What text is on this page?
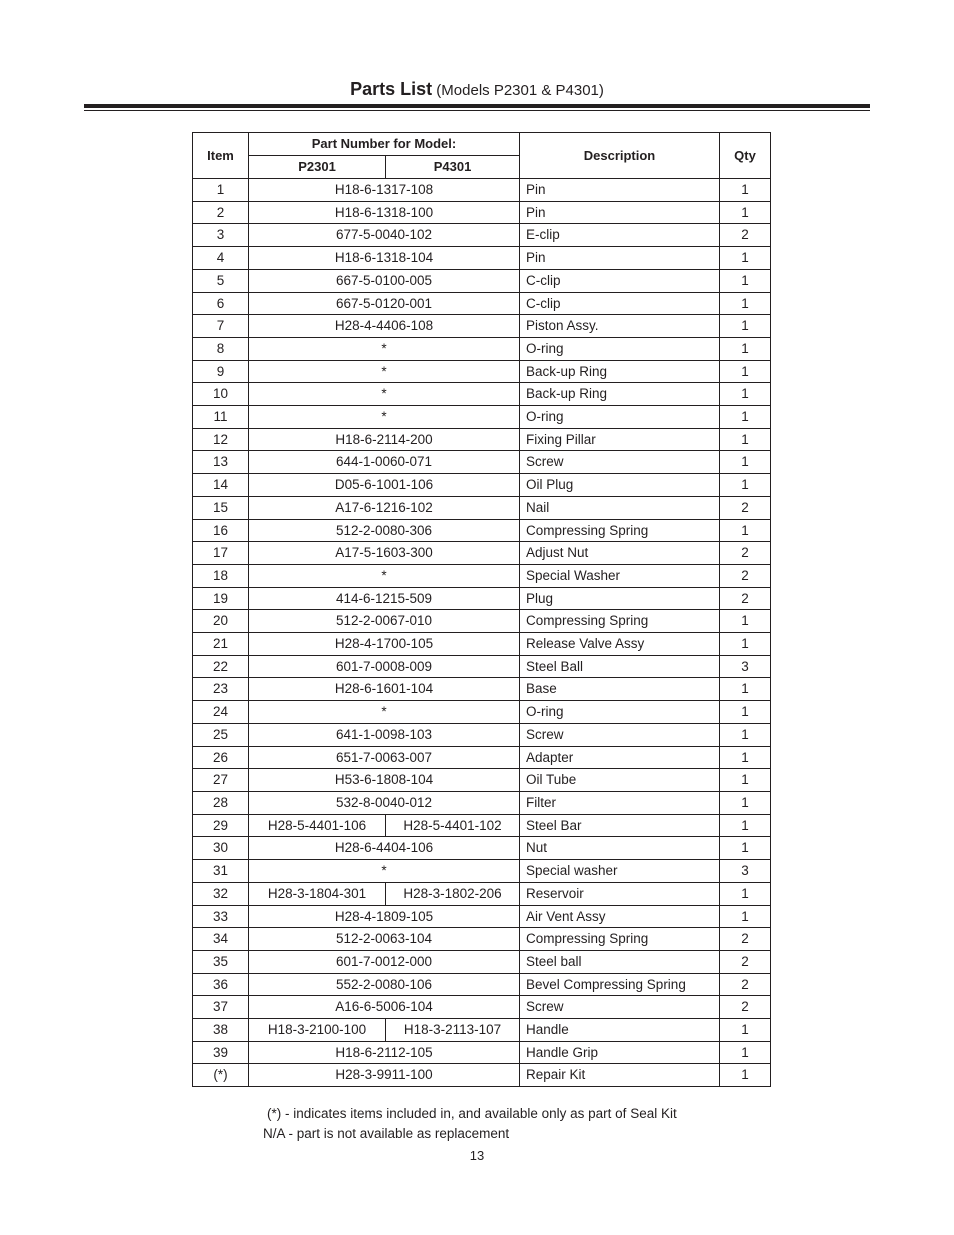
Parts List (Models P2301 & P4301)
Item	Part Number for Model:		Description	Qty
	P2301	P4301		
1	H18-6-1317-108		Pin	1
2	H18-6-1318-100		Pin	1
3	677-5-0040-102		E-clip	2
4	H18-6-1318-104		Pin	1
5	667-5-0100-005		C-clip	1
6	667-5-0120-001		C-clip	1
7	H28-4-4406-108		Piston Assy.	1
8	*		O-ring	1
9	*		Back-up Ring	1
10	*		Back-up Ring	1
11	*		O-ring	1
12	H18-6-2114-200		Fixing Pillar	1
13	644-1-0060-071		Screw	1
14	D05-6-1001-106		Oil Plug	1
15	A17-6-1216-102		Nail	2
16	512-2-0080-306		Compressing Spring	1
17	A17-5-1603-300		Adjust Nut	2
18	*		Special Washer	2
19	414-6-1215-509		Plug	2
20	512-2-0067-010		Compressing Spring	1
21	H28-4-1700-105		Release Valve Assy	1
22	601-7-0008-009		Steel Ball	3
23	H28-6-1601-104		Base	1
24	*		O-ring	1
25	641-1-0098-103		Screw	1
26	651-7-0063-007		Adapter	1
27	H53-6-1808-104		Oil Tube	1
28	532-8-0040-012		Filter	1
29	H28-5-4401-106	H28-5-4401-102	Steel Bar	1
30	H28-6-4404-106		Nut	1
31	*		Special washer	3
32	H28-3-1804-301	H28-3-1802-206	Reservoir	1
33	H28-4-1809-105		Air Vent Assy	1
34	512-2-0063-104		Compressing Spring	2
35	601-7-0012-000		Steel ball	2
36	552-2-0080-106		Bevel Compressing Spring	2
37	A16-6-5006-104		Screw	2
38	H18-3-2100-100	H18-3-2113-107	Handle	1
39	H18-6-2112-105		Handle Grip	1
(*)	H28-3-9911-100		Repair Kit	1
(*) - indicates items included in, and available only as part of Seal Kit
N/A - part is not available as replacement
13
